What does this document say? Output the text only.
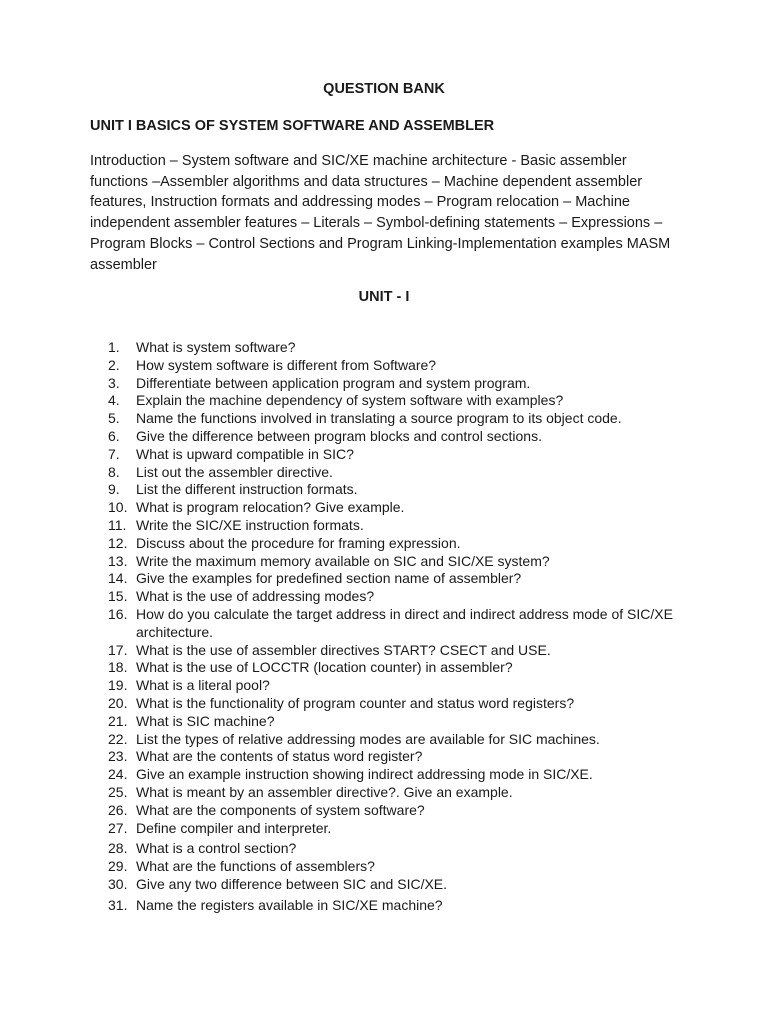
QUESTION BANK

UNIT I BASICS OF SYSTEM SOFTWARE AND ASSEMBLER

Introduction – System software and SIC/XE machine architecture - Basic assembler functions –Assembler algorithms and data structures – Machine dependent assembler features, Instruction formats and addressing modes – Program relocation – Machine independent assembler features – Literals – Symbol-defining statements – Expressions – Program Blocks – Control Sections and Program Linking-Implementation examples MASM assembler

UNIT - I

1.	What is system software?
2.	How system software is different from Software?
3.	Differentiate between application program and system program.
4.	Explain the machine dependency of system software with examples?
5.	Name the functions involved in translating a source program to its object code.
6.	Give the difference between program blocks and control sections.
7.	What is upward compatible in SIC?
8.	List out the assembler directive.
9.	List the different instruction formats.
10. What is program relocation? Give example.
11. Write the SIC/XE instruction formats.
12. Discuss about the procedure for framing expression.
13. Write the maximum memory available on SIC and SIC/XE system?
14. Give the examples for predefined section name of assembler?
15. What is the use of addressing modes?
16. How do you calculate the target address in direct and indirect address mode of SIC/XE architecture.
17. What is the use of assembler directives START? CSECT and USE.
18. What is the use of LOCCTR (location counter) in assembler?
19. What is a literal pool?
20. What is the functionality of program counter and status word registers?
21. What is SIC machine?
22. List the types of relative addressing modes are available for SIC machines.
23. What are the contents of status word register?
24. Give an example instruction showing indirect addressing mode in SIC/XE.
25. What is meant by an assembler directive?. Give an example.
26. What are the components of system software?
27. Define compiler and interpreter.
28. What is a control section?
29. What are the functions of assemblers?
30. Give any two difference between SIC and SIC/XE.
31. Name the registers available in SIC/XE machine?
